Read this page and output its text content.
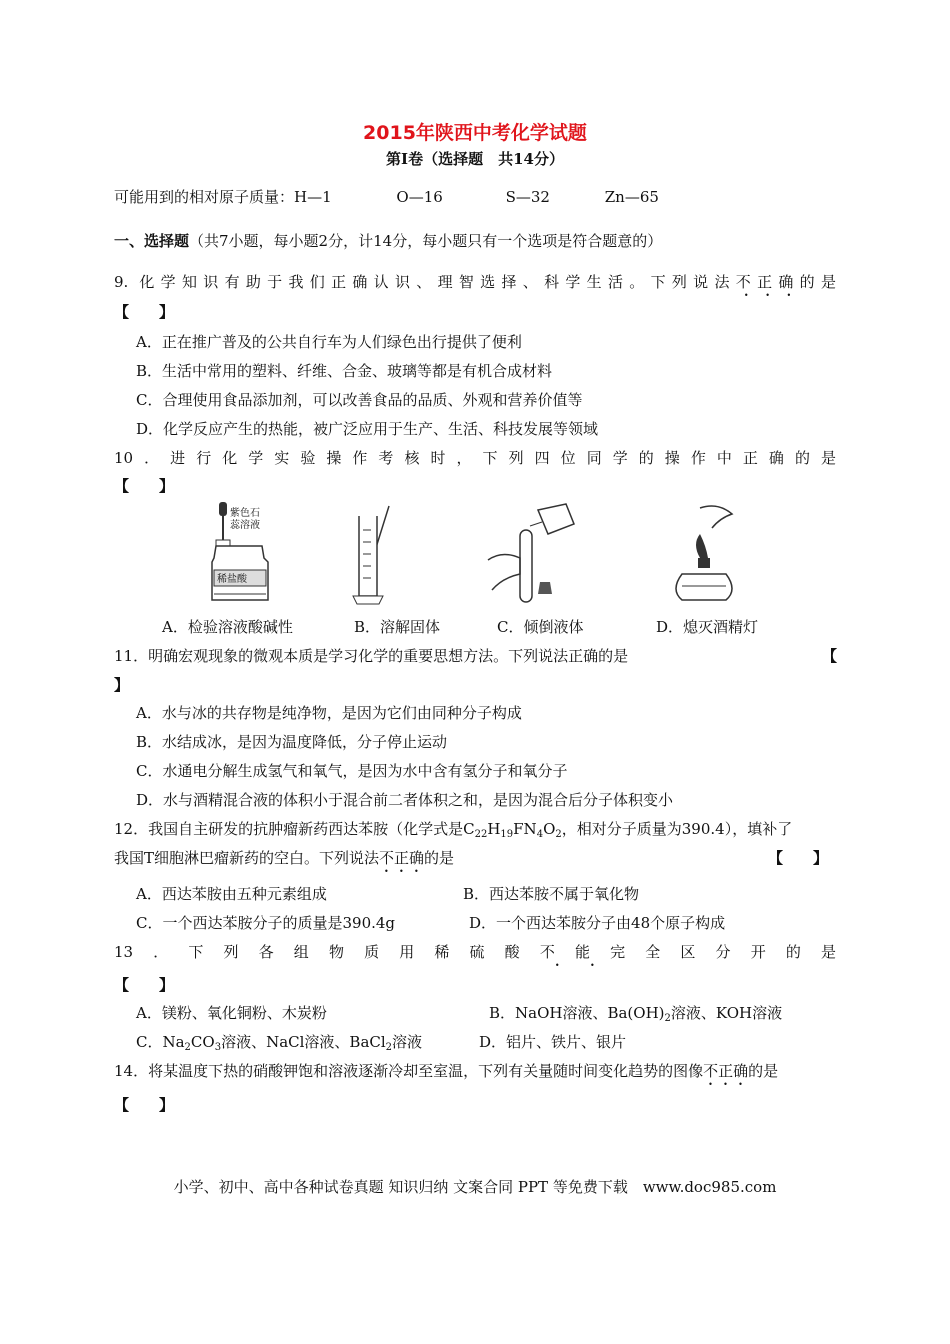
2015年陕西中考化学试题
第Ⅰ卷（选择题　共14分）
可能用到的相对原子质量：H—1	O—16	S—32	Zn—65
一、选择题（共7小题，每小题2分，计14分，每小题只有一个选项是符合题意的）
9. 化学知识有助于我们正确认识、理智选择、科学生活。下列说法不正确的是
【　　】
A．正在推广普及的公共自行车为人们绿色出行提供了便利
B．生活中常用的塑料、纤维、合金、玻璃等都是有机合成材料
C．合理使用食品添加剂，可以改善食品的品质、外观和营养价值等
D．化学反应产生的热能，被广泛应用于生产、生活、科技发展等领域
10．进行化学实验操作考核时，下列四位同学的操作中正确的是
【　　】
紫色石
蕊溶液
稀盐酸
A．检验溶液酸碱性	B．溶解固体	C．倾倒液体	D．熄灭酒精灯
11．明确宏观现象的微观本质是学习化学的重要思想方法。下列说法正确的是	【
】
A．水与冰的共存物是纯净物，是因为它们由同种分子构成
B．水结成冰，是因为温度降低，分子停止运动
C．水通电分解生成氢气和氧气，是因为水中含有氢分子和氧分子
D．水与酒精混合液的体积小于混合前二者体积之和，是因为混合后分子体积变小
12．我国自主研发的抗肿瘤新药西达苯胺（化学式是$C_{22}H_{19}FN_4O_2$，相对分子质量为390.4），填补了
我国T细胞淋巴瘤新药的空白。下列说法不正确的是	【　　】
A．西达苯胺由五种元素组成	B．西达苯胺不属于氧化物
C．一个西达苯胺分子的质量是390.4g	D．一个西达苯胺分子由48个原子构成
13．下列各组物质用稀硫酸不能完全区分开的是
【　　】
A．镁粉、氧化铜粉、木炭粉	B．NaOH溶液、$Ba(OH)_2$溶液、KOH溶液
C．$Na_2CO_3$溶液、NaCl溶液、BaCl$_2$溶液	D．铝片、铁片、银片
14．将某温度下热的硝酸钾饱和溶液逐渐冷却至室温，下列有关量随时间变化趋势的图像不正确的是
【　　】
小学、初中、高中各种试卷真题 知识归纳 文案合同 PPT 等免费下载　www.doc985.com
